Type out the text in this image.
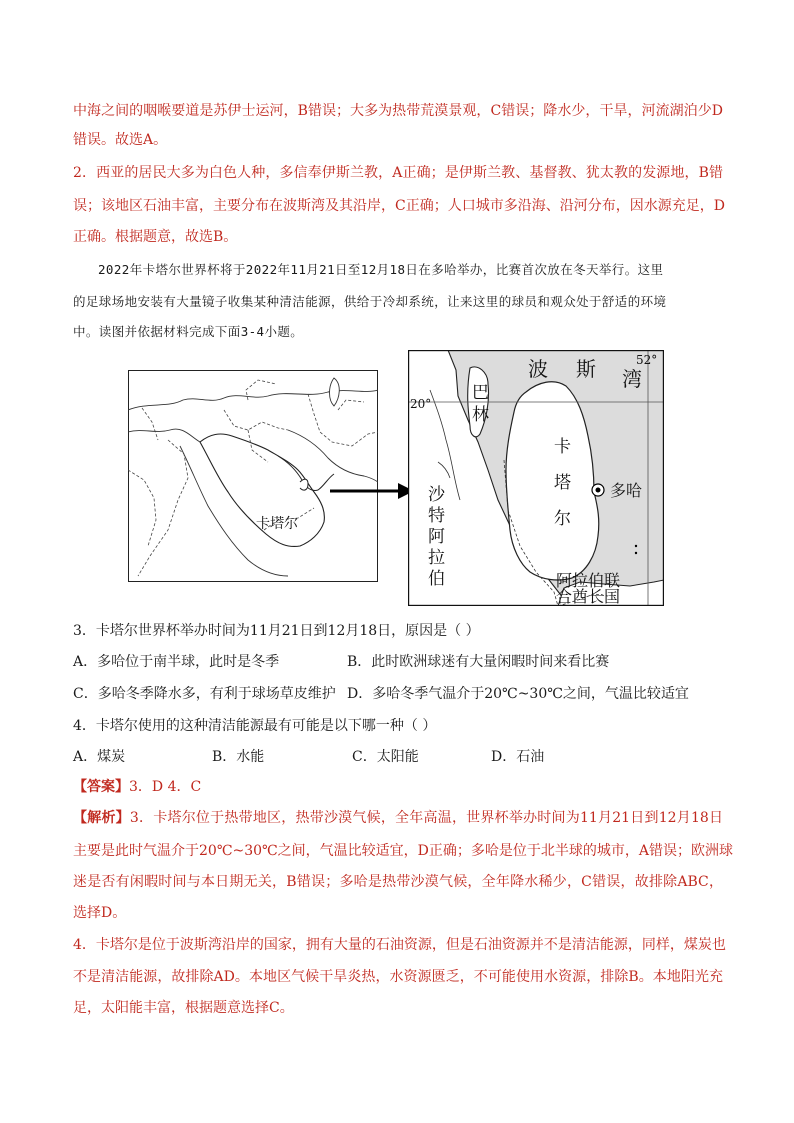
中海之间的咽喉要道是苏伊士运河，B错误；大多为热带荒漠景观，C错误；降水少，干旱，河流湖泊少D
错误。故选A。
2．西亚的居民大多为白色人种，多信奉伊斯兰教，A正确；是伊斯兰教、基督教、犹太教的发源地，B错
误；该地区石油丰富，主要分布在波斯湾及其沿岸，C正确；人口城市多沿海、沿河分布，因水源充足，D
正确。根据题意，故选B。
2022年卡塔尔世界杯将于2022年11月21日至12月18日在多哈举办，比赛首次放在冬天举行。这里
的足球场地安装有大量镜子收集某种清洁能源，供给于冷却系统，让来这里的球员和观众处于舒适的环境
中。读图并依据材料完成下面3-4小题。
卡塔尔
波 斯 湾
巴
林
卡
塔
尔
沙
特
阿
拉
伯
多哈
阿拉伯联
合酋长国
52°
20°
3．卡塔尔世界杯举办时间为11月21日到12月18日，原因是（ ）
A．多哈位于南半球，此时是冬季	B．此时欧洲球迷有大量闲暇时间来看比赛
C．多哈冬季降水多，有利于球场草皮维护 D．多哈冬季气温介于20℃~30℃之间，气温比较适宜
4．卡塔尔使用的这种清洁能源最有可能是以下哪一种（ ）
A．煤炭	B．水能	C．太阳能	D．石油
【答案】3．D 4．C
【解析】3．卡塔尔位于热带地区，热带沙漠气候，全年高温，世界杯举办时间为11月21日到12月18日
主要是此时气温介于20℃~30℃之间，气温比较适宜，D正确；多哈是位于北半球的城市，A错误；欧洲球
迷是否有闲暇时间与本日期无关，B错误；多哈是热带沙漠气候，全年降水稀少，C错误，故排除ABC，
选择D。
4．卡塔尔是位于波斯湾沿岸的国家，拥有大量的石油资源，但是石油资源并不是清洁能源，同样，煤炭也
不是清洁能源，故排除AD。本地区气候干旱炎热，水资源匮乏，不可能使用水资源，排除B。本地阳光充
足，太阳能丰富，根据题意选择C。
